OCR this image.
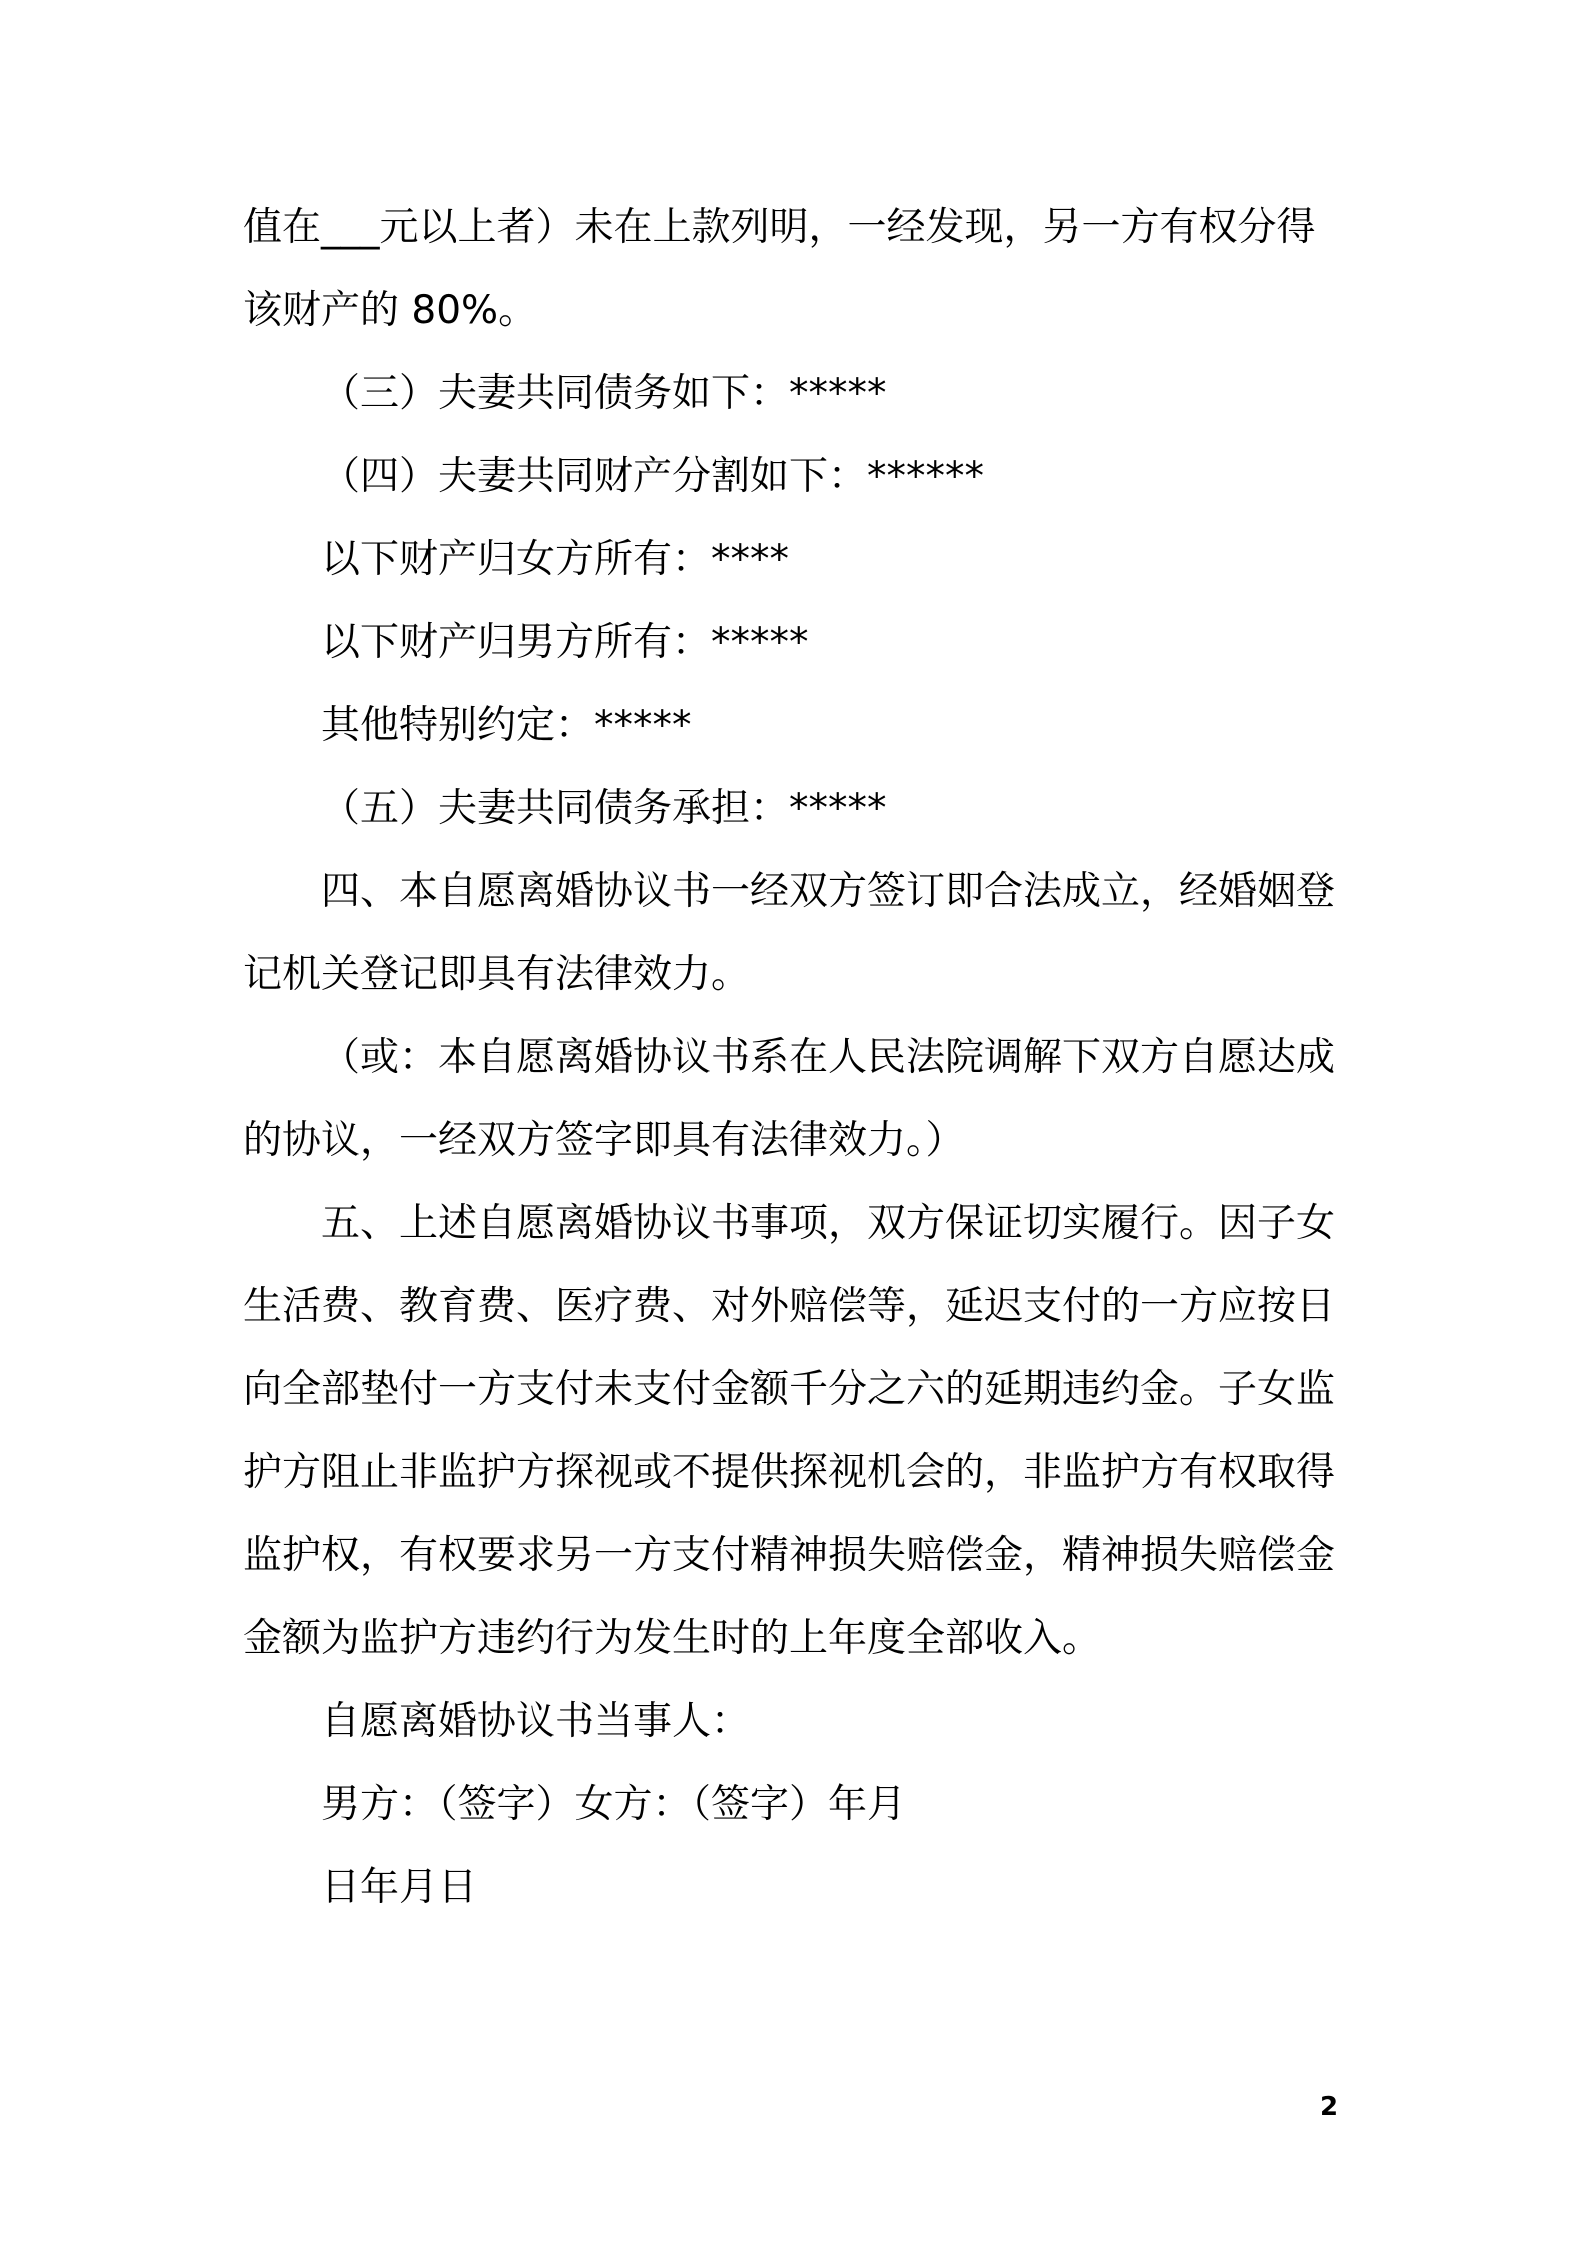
值在___元以上者）未在上款列明，一经发现，另一方有权分得
该财产的 80%。
（三）夫妻共同债务如下：*****
（四）夫妻共同财产分割如下：******
以下财产归女方所有：****
以下财产归男方所有：*****
其他特别约定：*****
（五）夫妻共同债务承担：*****
四、本自愿离婚协议书一经双方签订即合法成立，经婚姻登
记机关登记即具有法律效力。
（或：本自愿离婚协议书系在人民法院调解下双方自愿达成
的协议，一经双方签字即具有法律效力。）
五、上述自愿离婚协议书事项，双方保证切实履行。因子女
生活费、教育费、医疗费、对外赔偿等，延迟支付的一方应按日
向全部垫付一方支付未支付金额千分之六的延期违约金。子女监
护方阻止非监护方探视或不提供探视机会的，非监护方有权取得
监护权，有权要求另一方支付精神损失赔偿金，精神损失赔偿金
金额为监护方违约行为发生时的上年度全部收入。
自愿离婚协议书当事人：
男方：（签字）女方：（签字）年月
日年月日
2
